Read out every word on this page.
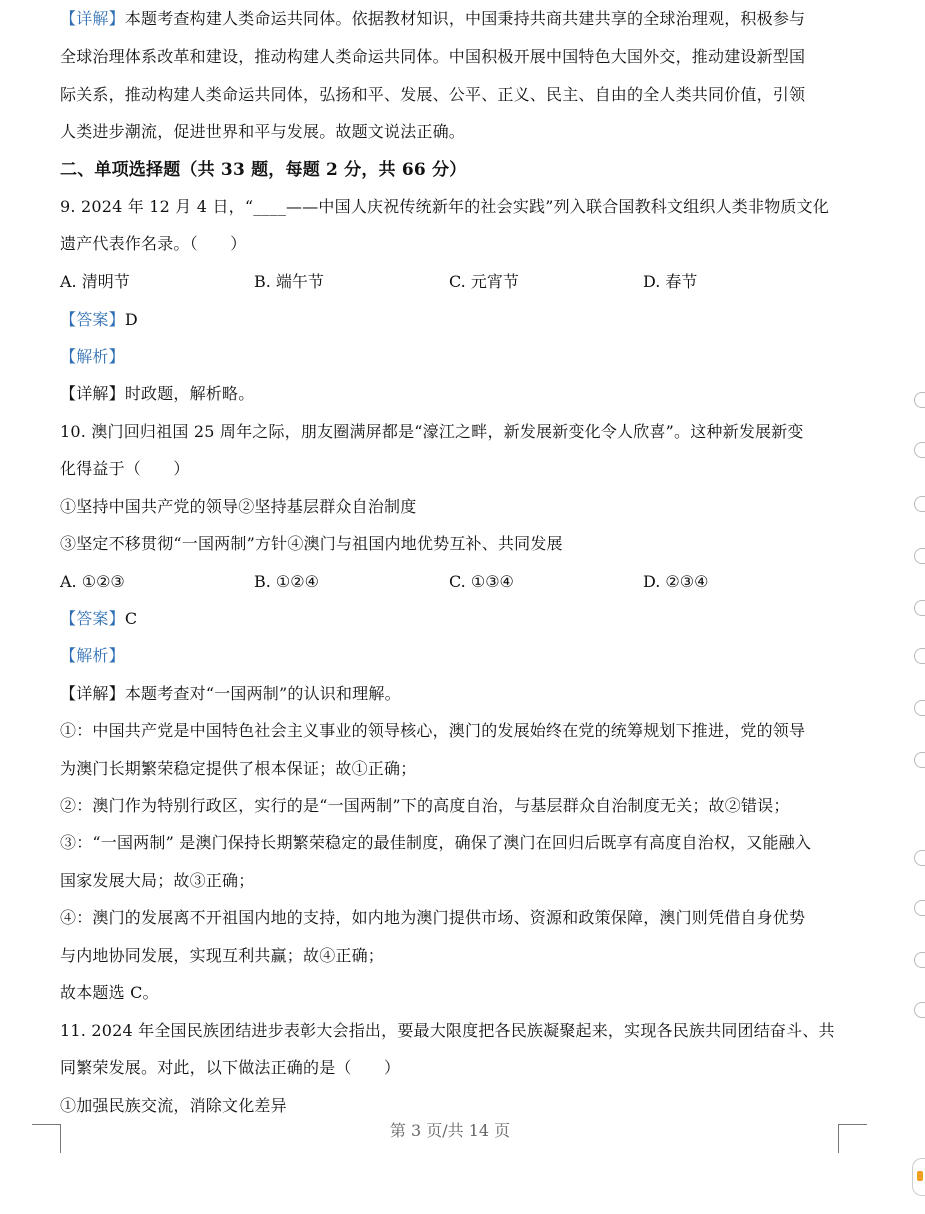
【详解】本题考查构建人类命运共同体。依据教材知识，中国秉持共商共建共享的全球治理观，积极参与
全球治理体系改革和建设，推动构建人类命运共同体。中国积极开展中国特色大国外交，推动建设新型国
际关系，推动构建人类命运共同体，弘扬和平、发展、公平、正义、民主、自由的全人类共同价值，引领
人类进步潮流，促进世界和平与发展。故题文说法正确。
二、单项选择题（共 33 题，每题 2 分，共 66 分）
9. 2024 年 12 月 4 日，“____——中国人庆祝传统新年的社会实践”列入联合国教科文组织人类非物质文化
遗产代表作名录。（　　）
A. 清明节	B. 端午节	C. 元宵节	D. 春节
【答案】D
【解析】
【详解】时政题，解析略。
10. 澳门回归祖国 25 周年之际，朋友圈满屏都是“濠江之畔，新发展新变化令人欣喜”。这种新发展新变
化得益于（　　）
①坚持中国共产党的领导②坚持基层群众自治制度
③坚定不移贯彻“一国两制”方针④澳门与祖国内地优势互补、共同发展
A. ①②③	B. ①②④	C. ①③④	D. ②③④
【答案】C
【解析】
【详解】本题考查对“一国两制”的认识和理解。
①：中国共产党是中国特色社会主义事业的领导核心，澳门的发展始终在党的统筹规划下推进，党的领导
为澳门长期繁荣稳定提供了根本保证；故①正确；
②：澳门作为特别行政区，实行的是“一国两制”下的高度自治，与基层群众自治制度无关；故②错误；
③：“一国两制” 是澳门保持长期繁荣稳定的最佳制度，确保了澳门在回归后既享有高度自治权，又能融入
国家发展大局；故③正确；
④：澳门的发展离不开祖国内地的支持，如内地为澳门提供市场、资源和政策保障，澳门则凭借自身优势
与内地协同发展，实现互利共赢；故④正确；
故本题选 C。
11. 2024 年全国民族团结进步表彰大会指出，要最大限度把各民族凝聚起来，实现各民族共同团结奋斗、共
同繁荣发展。对此，以下做法正确的是（　　）
①加强民族交流，消除文化差异
第 3 页/共 14 页
